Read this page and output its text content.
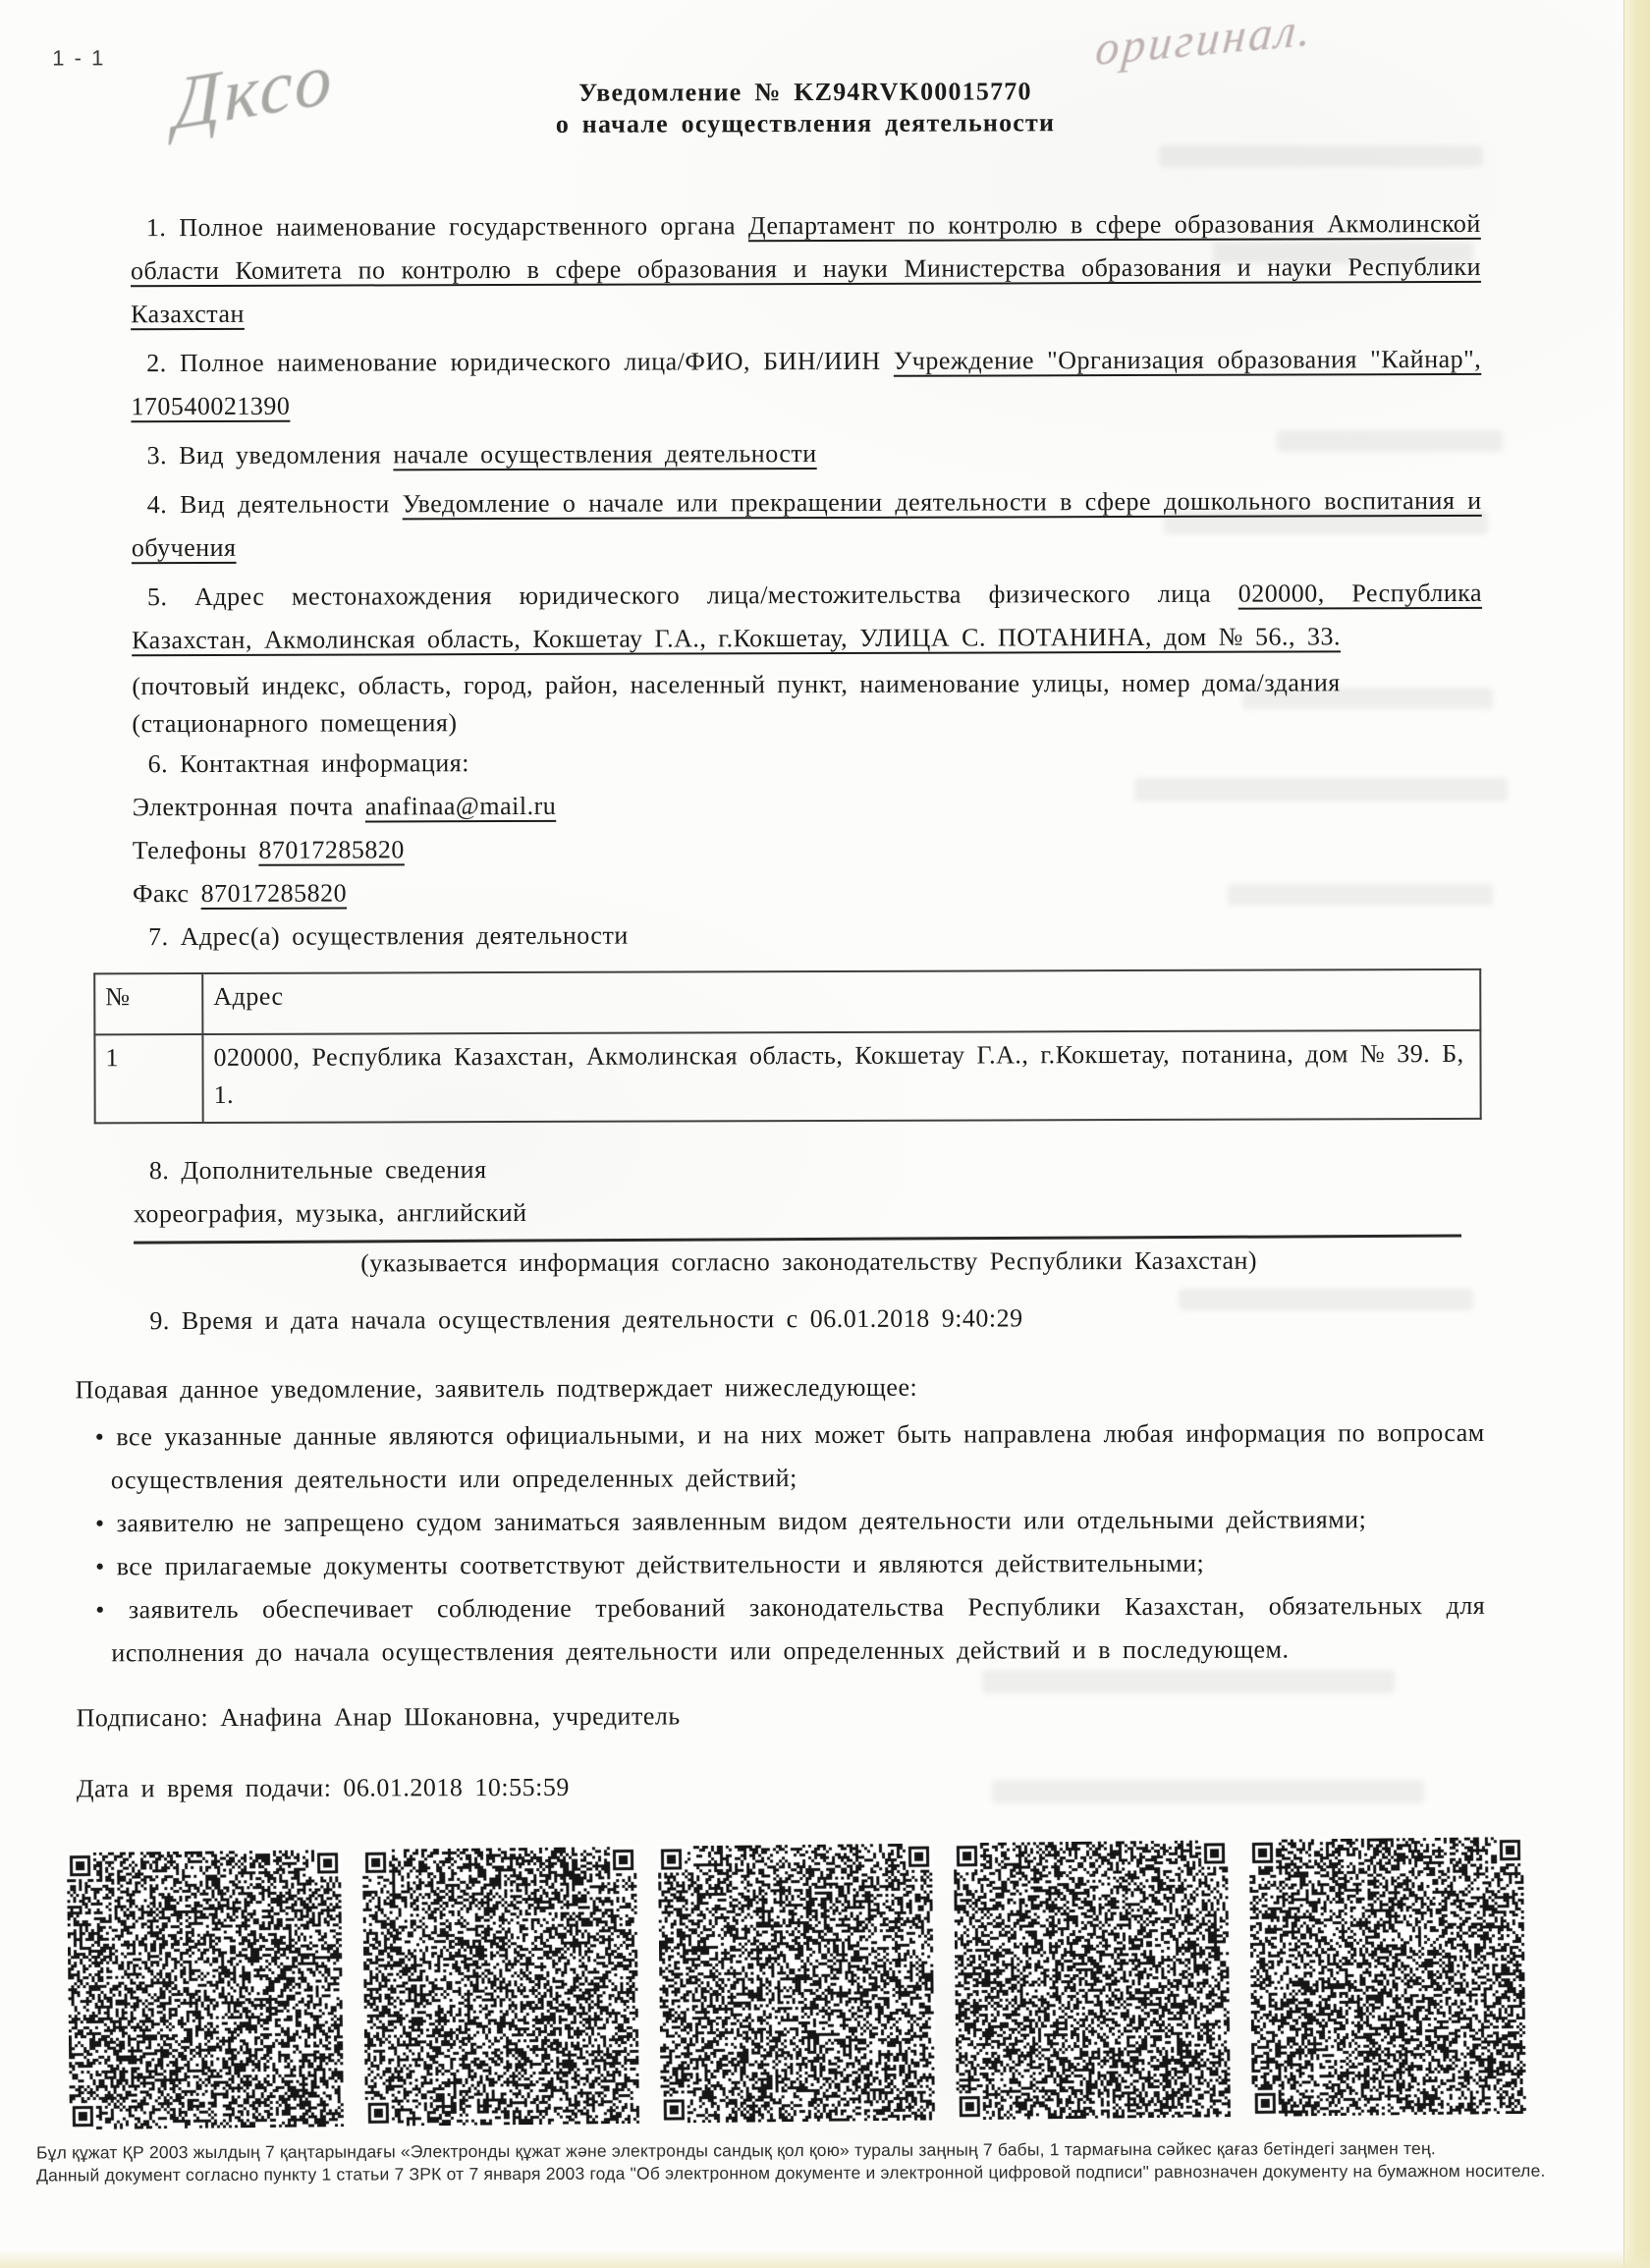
1 - 1 Дксо	оригинал.
Уведомление № KZ94RVK00015770
о начале осуществления деятельности

1. Полное наименование государственного органа Департамент по контролю в сфере образования Акмолинской области Комитета по контролю в сфере образования и науки Министерства образования и науки Республики Казахстан

2. Полное наименование юридического лица/ФИО, БИН/ИИН Учреждение "Организация образования "Кайнар", 170540021390

3. Вид уведомления начале осуществления деятельности

4. Вид деятельности Уведомление о начале или прекращении деятельности в сфере дошкольного воспитания и обучения

5. Адрес местонахождения юридического лица/местожительства физического лица 020000, Республика Казахстан, Акмолинская область, Кокшетау Г.А., г.Кокшетау, УЛИЦА С. ПОТАНИНА, дом № 56., 33.

(почтовый индекс, область, город, район, населенный пункт, наименование улицы, номер дома/здания (стационарного помещения)

6. Контактная информация:

Электронная почта anafinaa@mail.ru

Телефоны 87017285820

Факс 87017285820

7. Адрес(а) осуществления деятельности

№	Адрес
1	020000, Республика Казахстан, Акмолинская область, Кокшетау Г.А., г.Кокшетау, потанина, дом № 39. Б, 1.

8. Дополнительные сведения

хореография, музыка, английский

(указывается информация согласно законодательству Республики Казахстан)

9. Время и дата начала осуществления деятельности с 06.01.2018 9:40:29

Подавая данное уведомление, заявитель подтверждает нижеследующее:

• все указанные данные являются официальными, и на них может быть направлена любая информация по вопросам осуществления деятельности или определенных действий;

• заявителю не запрещено судом заниматься заявленным видом деятельности или отдельными действиями;

• все прилагаемые документы соответствуют действительности и являются действительными;

• заявитель обеспечивает соблюдение требований законодательства Республики Казахстан, обязательных для исполнения до начала осуществления деятельности или определенных действий и в последующем.

Подписано: Анафина Анар Шокановна, учредитель

Дата и время подачи: 06.01.2018 10:55:59

Бұл құжат ҚР 2003 жылдың 7 қаңтарындағы «Электронды құжат және электронды сандық қол қою» туралы заңның 7 бабы, 1 тармағына сәйкес қағаз бетіндегі заңмен тең.
Данный документ согласно пункту 1 статьи 7 ЗРК от 7 января 2003 года "Об электронном документе и электронной цифровой подписи" равнозначен документу на бумажном носителе.
